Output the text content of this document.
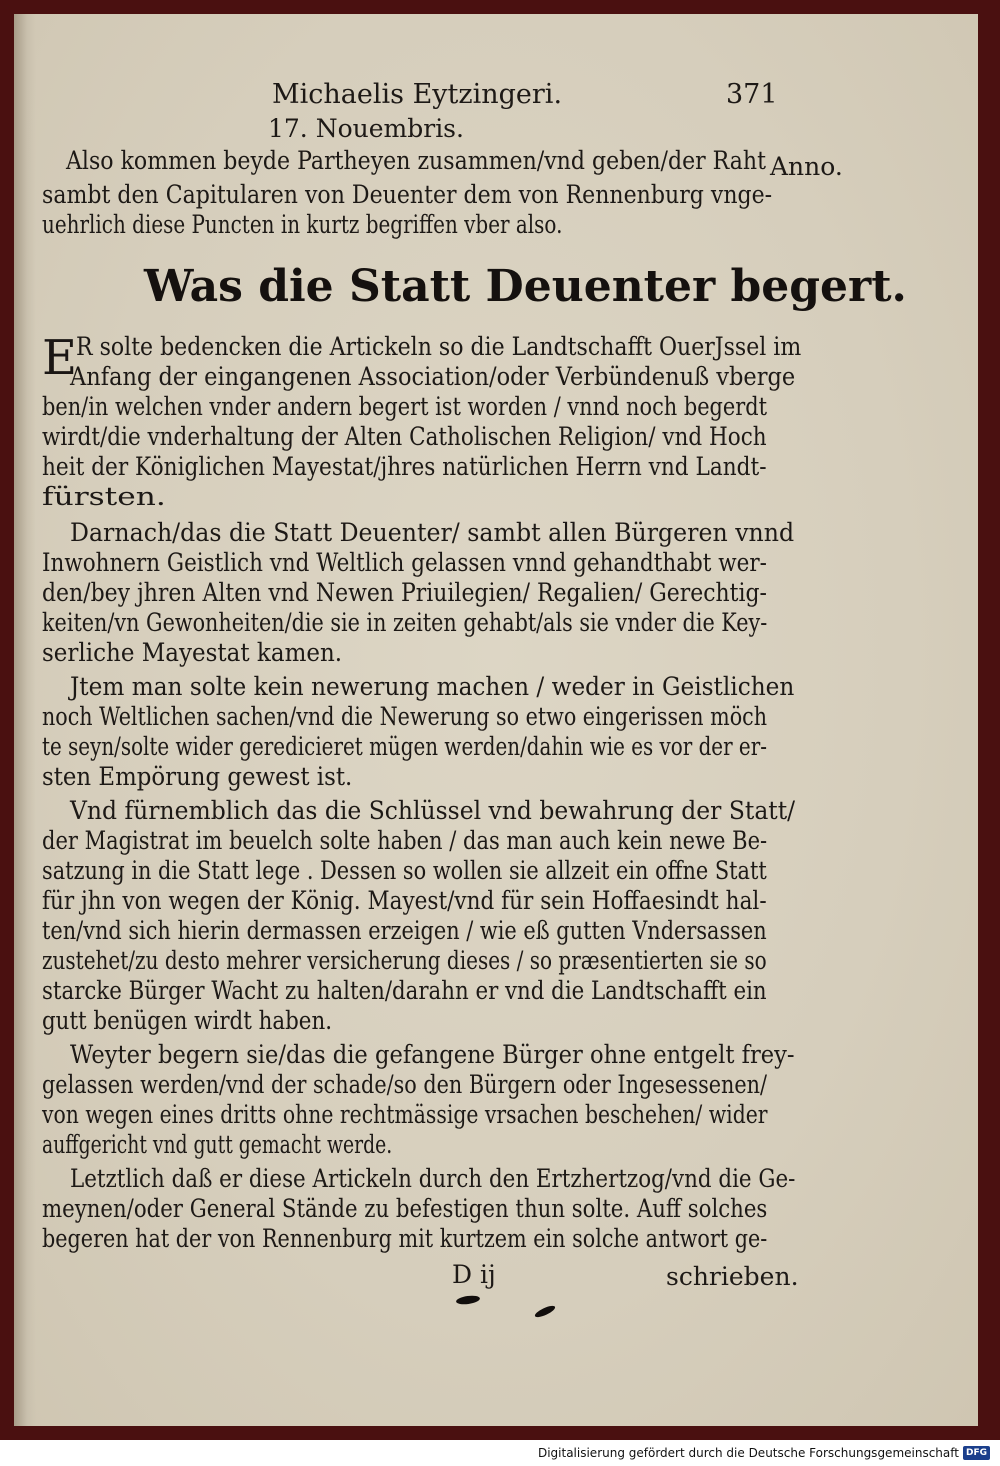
Michaelis Eytzingeri.	371
17. Nouembris.
Anno.
Was die Statt Deuenter begert.
E
Also kommen beyde Partheyen zusammen/vnd geben/der Raht
sambt den Capitularen von Deuenter dem von Rennenburg vnge-
uehrlich diese Puncten in kurtz begriffen vber also.
R solte bedencken die Artickeln so die Landtschafft OuerJssel im
Anfang der eingangenen Association/oder Verbündenuß vberge
ben/in welchen vnder andern begert ist worden / vnnd noch begerdt
wirdt/die vnderhaltung der Alten Catholischen Religion/ vnd Hoch
heit der Königlichen Mayestat/jhres natürlichen Herrn vnd Landt-
fürsten.
Darnach/das die Statt Deuenter/ sambt allen Bürgeren vnnd
Inwohnern Geistlich vnd Weltlich gelassen vnnd gehandthabt wer-
den/bey jhren Alten vnd Newen Priuilegien/ Regalien/ Gerechtig-
keiten/vn Gewonheiten/die sie in zeiten gehabt/als sie vnder die Key-
serliche Mayestat kamen.
Jtem man solte kein newerung machen / weder in Geistlichen
noch Weltlichen sachen/vnd die Newerung so etwo eingerissen möch
te seyn/solte wider geredicieret mügen werden/dahin wie es vor der er-
sten Empörung gewest ist.
Vnd fürnemblich das die Schlüssel vnd bewahrung der Statt/
der Magistrat im beuelch solte haben / das man auch kein newe Be-
satzung in die Statt lege . Dessen so wollen sie allzeit ein offne Statt
für jhn von wegen der König. Mayest/vnd für sein Hoffaesindt hal-
ten/vnd sich hierin dermassen erzeigen / wie eß gutten Vndersassen
zustehet/zu desto mehrer versicherung dieses / so præsentierten sie so
starcke Bürger Wacht zu halten/darahn er vnd die Landtschafft ein
gutt benügen wirdt haben.
Weyter begern sie/das die gefangene Bürger ohne entgelt frey-
gelassen werden/vnd der schade/so den Bürgern oder Ingesessenen/
von wegen eines dritts ohne rechtmässige vrsachen beschehen/ wider
auffgericht vnd gutt gemacht werde.
Letztlich daß er diese Artickeln durch den Ertzhertzog/vnd die Ge-
meynen/oder General Stände zu befestigen thun solte. Auff solches
begeren hat der von Rennenburg mit kurtzem ein solche antwort ge-
D ij	schrieben.
Digitalisierung gefördert durch die Deutsche Forschungsgemeinschaft DFG
